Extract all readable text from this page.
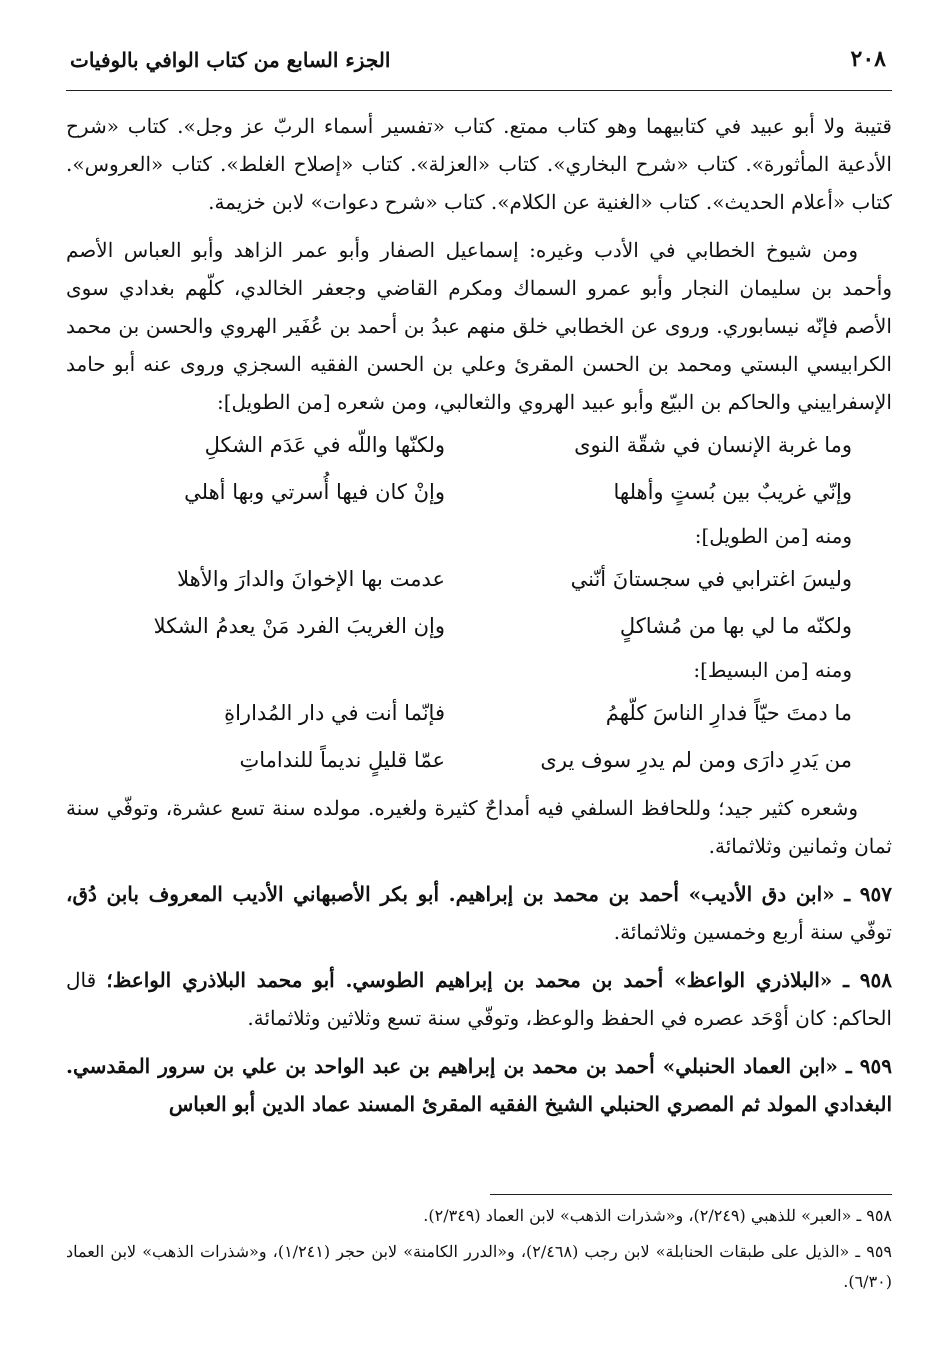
٢٠٨
الجزء السابع من كتاب الوافي بالوفيات

قتيبة ولا أبو عبيد في كتابيهما وهو كتاب ممتع. كتاب «تفسير أسماء الربّ عز وجل». كتاب «شرح الأدعية المأثورة». كتاب «شرح البخاري». كتاب «العزلة». كتاب «إصلاح الغلط». كتاب «العروس». كتاب «أعلام الحديث». كتاب «الغنية عن الكلام». كتاب «شرح دعوات» لابن خزيمة.

ومن شيوخ الخطابي في الأدب وغيره: إسماعيل الصفار وأبو عمر الزاهد وأبو العباس الأصم وأحمد بن سليمان النجار وأبو عمرو السماك ومكرم القاضي وجعفر الخالدي، كلّهم بغدادي سوى الأصم فإنّه نيسابوري. وروى عن الخطابي خلق منهم عبدُ بن أحمد بن عُفَير الهروي والحسن بن محمد الكرابيسي البستي ومحمد بن الحسن المقرئ وعلي بن الحسن الفقيه السجزي وروى عنه أبو حامد الإسفراييني والحاكم بن البيّع وأبو عبيد الهروي والثعالبي، ومن شعره [من الطويل]:

وما غربة الإنسان في شقّة النوى
ولكنّها واللّه في عَدَم الشكلِ
وإنّي غريبٌ بين بُستٍ وأهلها
وإنْ كان فيها أُسرتي وبها أهلي
ومنه [من الطويل]:
وليسَ اغترابي في سجستانَ أنّني
عدمت بها الإخوانَ والدارَ والأهلا
ولكنّه ما لي بها من مُشاكلٍ
وإن الغريبَ الفرد مَنْ يعدمُ الشكلا
ومنه [من البسيط]:
ما دمتَ حيّاً فدارِ الناسَ كلّهمُ
فإنّما أنت في دار المُداراةِ
من يَدرِ دارَى ومن لم يدرِ سوف يرى
عمّا قليلٍ نديماً للنداماتِ

وشعره كثير جيد؛ وللحافظ السلفي فيه أمداحٌ كثيرة ولغيره. مولده سنة تسع عشرة، وتوفّي سنة ثمان وثمانين وثلاثمائة.

٩٥٧ ـ «ابن دق الأديب» أحمد بن محمد بن إبراهيم. أبو بكر الأصبهاني الأديب المعروف بابن دُق، توفّي سنة أربع وخمسين وثلاثمائة.

٩٥٨ ـ «البلاذري الواعظ» أحمد بن محمد بن إبراهيم الطوسي. أبو محمد البلاذري الواعظ؛ قال الحاكم: كان أوْحَد عصره في الحفظ والوعظ، وتوفّي سنة تسع وثلاثين وثلاثمائة.

٩٥٩ ـ «ابن العماد الحنبلي» أحمد بن محمد بن إبراهيم بن عبد الواحد بن علي بن سرور المقدسي. البغدادي المولد ثم المصري الحنبلي الشيخ الفقيه المقرئ المسند عماد الدين أبو العباس

٩٥٨ ـ «العبر» للذهبي (٢/٢٤٩)، و«شذرات الذهب» لابن العماد (٢/٣٤٩).

٩٥٩ ـ «الذيل على طبقات الحنابلة» لابن رجب (٢/٤٦٨)، و«الدرر الكامنة» لابن حجر (١/٢٤١)، و«شذرات الذهب» لابن العماد (٦/٣٠).
